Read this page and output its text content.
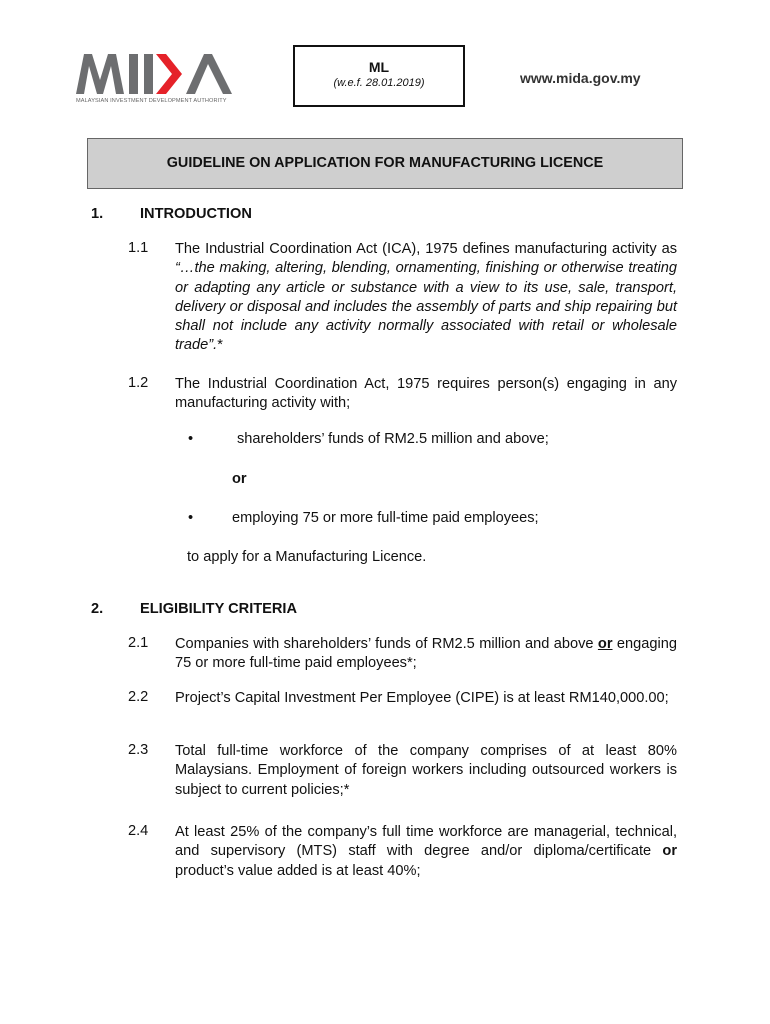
MALAYSIAN INVESTMENT DEVELOPMENT AUTHORITY
ML
(w.e.f. 28.01.2019)	www.mida.gov.my
GUIDELINE ON APPLICATION FOR MANUFACTURING LICENCE
1.	INTRODUCTION
1.1 The Industrial Coordination Act (ICA), 1975 defines manufacturing activity as “…the making, altering, blending, ornamenting, finishing or otherwise treating or adapting any article or substance with a view to its use, sale, transport, delivery or disposal and includes the assembly of parts and ship repairing but shall not include any activity normally associated with retail or wholesale trade”.*
1.2 The Industrial Coordination Act, 1975 requires person(s) engaging in any manufacturing activity with;
•	shareholders’ funds of RM2.5 million and above;
or
•	employing 75 or more full-time paid employees;
to apply for a Manufacturing Licence.
2.	ELIGIBILITY CRITERIA
2.1 Companies with shareholders’ funds of RM2.5 million and above or engaging 75 or more full-time paid employees*;
2.2 Project’s Capital Investment Per Employee (CIPE) is at least RM140,000.00;
2.3 Total full-time workforce of the company comprises of at least 80% Malaysians. Employment of foreign workers including outsourced workers is subject to current policies;*
2.4 At least 25% of the company’s full time workforce are managerial, technical, and supervisory (MTS) staff with degree and/or diploma/certificate or product’s value added is at least 40%;
